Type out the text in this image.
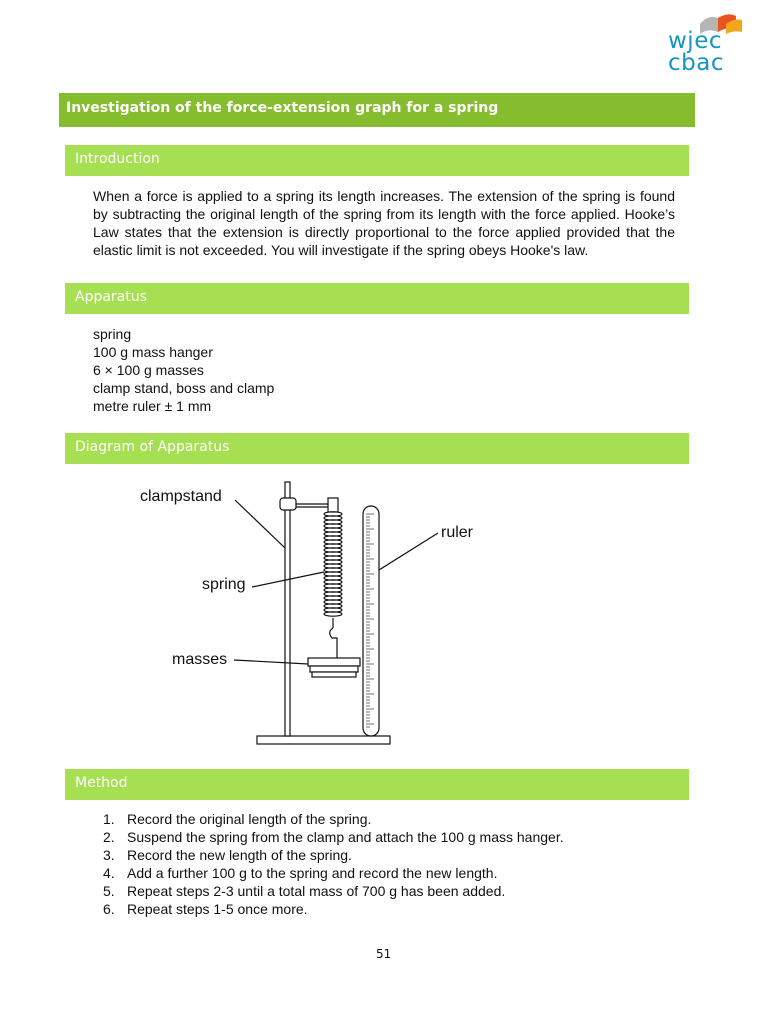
wjec
cbac
Investigation of the force-extension graph for a spring
Introduction

When a force is applied to a spring its length increases. The extension of the spring is found by subtracting the original length of the spring from its length with the force applied. Hooke’s Law states that the extension is directly proportional to the force applied provided that the elastic limit is not exceeded. You will investigate if the spring obeys Hooke's law.

Apparatus
spring
100 g mass hanger
6 × 100 g masses
clamp stand, boss and clamp
metre ruler ± 1 mm
Diagram of Apparatus
clampstand
ruler
spring
masses
Method
1. Record the original length of the spring.
2. Suspend the spring from the clamp and attach the 100 g mass hanger.
3. Record the new length of the spring.
4. Add a further 100 g to the spring and record the new length.
5. Repeat steps 2-3 until a total mass of 700 g has been added.
6. Repeat steps 1-5 once more.
51
